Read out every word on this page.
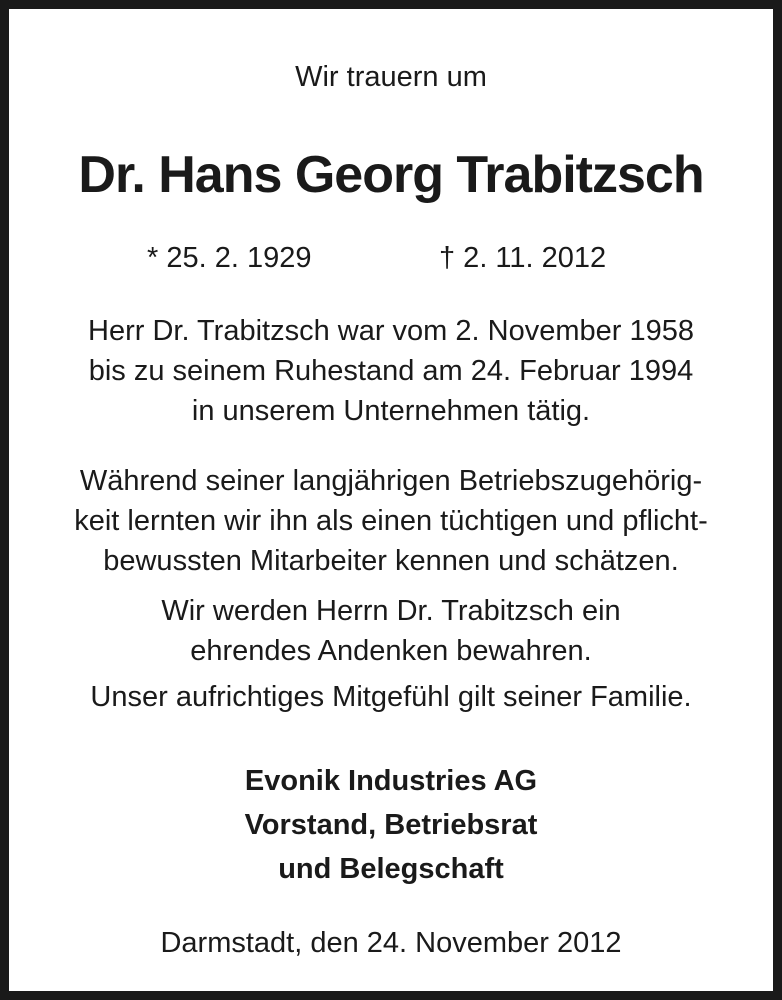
Wir trauern um
Dr. Hans Georg Trabitzsch
* 25. 2. 1929	† 2. 11. 2012
Herr Dr. Trabitzsch war vom 2. November 1958
bis zu seinem Ruhestand am 24. Februar 1994
in unserem Unternehmen tätig.
Während seiner langjährigen Betriebszugehörig-
keit lernten wir ihn als einen tüchtigen und pflicht-
bewussten Mitarbeiter kennen und schätzen.
Wir werden Herrn Dr. Trabitzsch ein
ehrendes Andenken bewahren.
Unser aufrichtiges Mitgefühl gilt seiner Familie.
Evonik Industries AG
Vorstand, Betriebsrat
und Belegschaft
Darmstadt, den 24. November 2012
